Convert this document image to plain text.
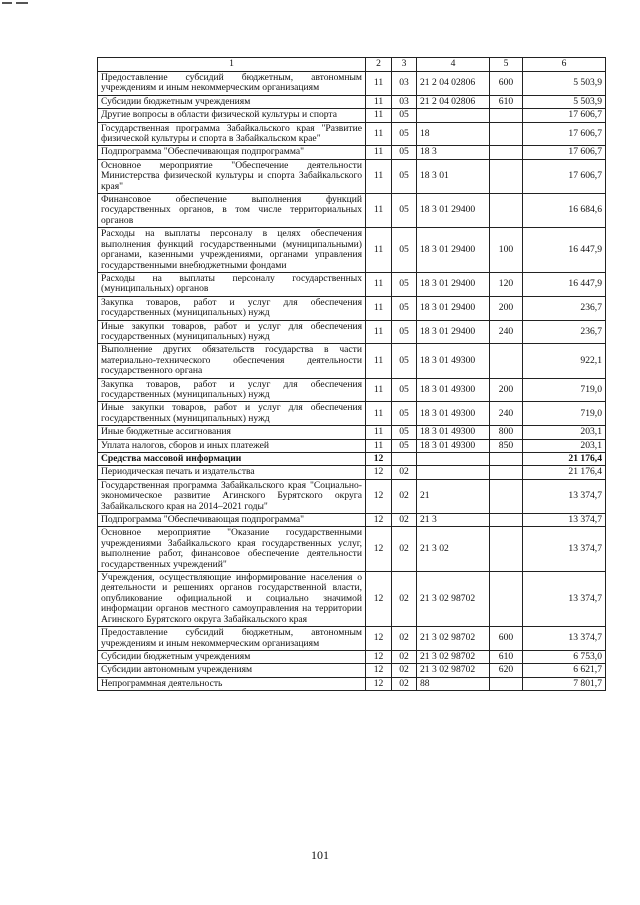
1	2	3	4	5	6
Предоставление субсидий бюджетным, автономным учреждениям и иным некоммерческим организациям	11	03	21 2 04 02806	600	5 503,9
Субсидии бюджетным учреждениям	11	03	21 2 04 02806	610	5 503,9
Другие вопросы в области физической культуры и спорта	11	05			17 606,7
Государственная программа Забайкальского края "Развитие физической культуры и спорта в Забайкальском крае"	11	05	18		17 606,7
Подпрограмма "Обеспечивающая подпрограмма"	11	05	18 3		17 606,7
Основное мероприятие "Обеспечение деятельности Министерства физической культуры и спорта Забайкальского края"	11	05	18 3 01		17 606,7
Финансовое обеспечение выполнения функций государственных органов, в том числе территориальных органов	11	05	18 3 01 29400		16 684,6
Расходы на выплаты персоналу в целях обеспечения выполнения функций государственными (муниципальными) органами, казенными учреждениями, органами управления государственными внебюджетными фондами	11	05	18 3 01 29400	100	16 447,9
Расходы на выплаты персоналу государственных (муниципальных) органов	11	05	18 3 01 29400	120	16 447,9
Закупка товаров, работ и услуг для обеспечения государственных (муниципальных) нужд	11	05	18 3 01 29400	200	236,7
Иные закупки товаров, работ и услуг для обеспечения государственных (муниципальных) нужд	11	05	18 3 01 29400	240	236,7
Выполнение других обязательств государства в части материально-технического обеспечения деятельности государственного органа	11	05	18 3 01 49300		922,1
Закупка товаров, работ и услуг для обеспечения государственных (муниципальных) нужд	11	05	18 3 01 49300	200	719,0
Иные закупки товаров, работ и услуг для обеспечения государственных (муниципальных) нужд	11	05	18 3 01 49300	240	719,0
Иные бюджетные ассигнования	11	05	18 3 01 49300	800	203,1
Уплата налогов, сборов и иных платежей	11	05	18 3 01 49300	850	203,1
Средства массовой информации	12				21 176,4
Периодическая печать и издательства	12	02			21 176,4
Государственная программа Забайкальского края "Социально-экономическое развитие Агинского Бурятского округа Забайкальского края на 2014–2021 годы"	12	02	21		13 374,7
Подпрограмма "Обеспечивающая подпрограмма"	12	02	21 3		13 374,7
Основное мероприятие "Оказание государственными учреждениями Забайкальского края государственных услуг, выполнение работ, финансовое обеспечение деятельности государственных учреждений"	12	02	21 3 02		13 374,7
Учреждения, осуществляющие информирование населения о деятельности и решениях органов государственной власти, опубликование официальной и социально значимой информации органов местного самоуправления на территории Агинского Бурятского округа Забайкальского края	12	02	21 3 02 98702		13 374,7
Предоставление субсидий бюджетным, автономным учреждениям и иным некоммерческим организациям	12	02	21 3 02 98702	600	13 374,7
Субсидии бюджетным учреждениям	12	02	21 3 02 98702	610	6 753,0
Субсидии автономным учреждениям	12	02	21 3 02 98702	620	6 621,7
Непрограммная деятельность	12	02	88		7 801,7
101
